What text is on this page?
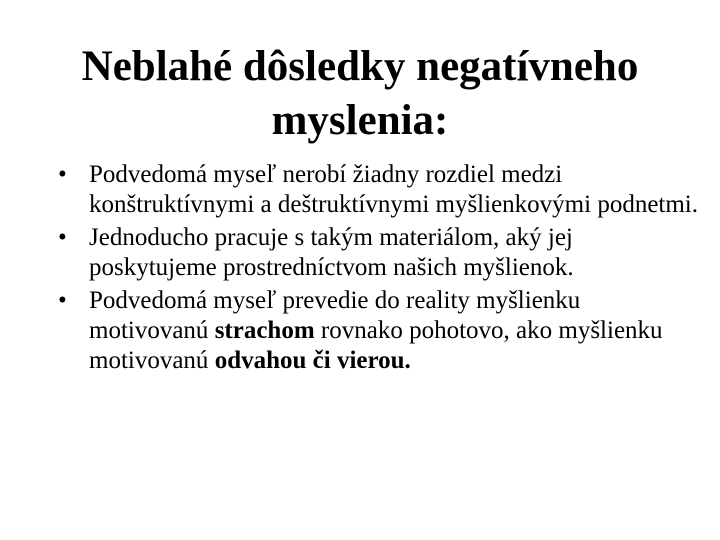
Neblahé dôsledky negatívneho
myslenia:
• Podvedomá myseľ nerobí žiadny rozdiel medzi konštruktívnymi a deštruktívnymi myšlienkovými podnetmi.
• Jednoducho pracuje s takým materiálom, aký jej poskytujeme prostredníctvom našich myšlienok.
• Podvedomá myseľ prevedie do reality myšlienku motivovanú strachom rovnako pohotovo, ako myšlienku motivovanú odvahou či vierou.
